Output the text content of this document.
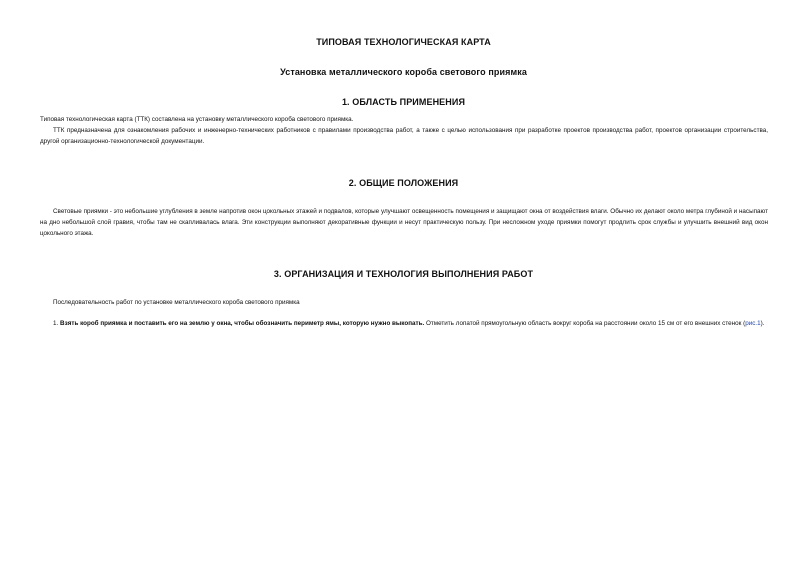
ТИПОВАЯ ТЕХНОЛОГИЧЕСКАЯ КАРТА
Установка металлического короба светового приямка
1. ОБЛАСТЬ ПРИМЕНЕНИЯ
Типовая технологическая карта (ТТК) составлена на установку металлического короба светового приямка.
ТТК предназначена для ознакомления рабочих и инженерно-технических работников с правилами производства работ, а также с целью использования при разработке проектов производства работ, проектов организации строительства, другой организационно-технологической документации.
2. ОБЩИЕ ПОЛОЖЕНИЯ
Световые приямки - это небольшие углубления в земле напротив окон цокольных этажей и подвалов, которые улучшают освещенность помещения и защищают окна от воздействия влаги. Обычно их делают около метра глубиной и насыпают на дно небольшой слой гравия, чтобы там не скапливалась влага. Эти конструкции выполняют декоративные функции и несут практическую пользу. При несложном уходе приямки помогут продлить срок службы и улучшить внешний вид окон цокольного этажа.
3. ОРГАНИЗАЦИЯ И ТЕХНОЛОГИЯ ВЫПОЛНЕНИЯ РАБОТ
Последовательность работ по установке металлического короба светового приямка
1. Взять короб приямка и поставить его на землю у окна, чтобы обозначить периметр ямы, которую нужно выкопать. Отметить лопатой прямоугольную область вокруг короба на расстоянии около 15 см от его внешних стенок (рис.1).
